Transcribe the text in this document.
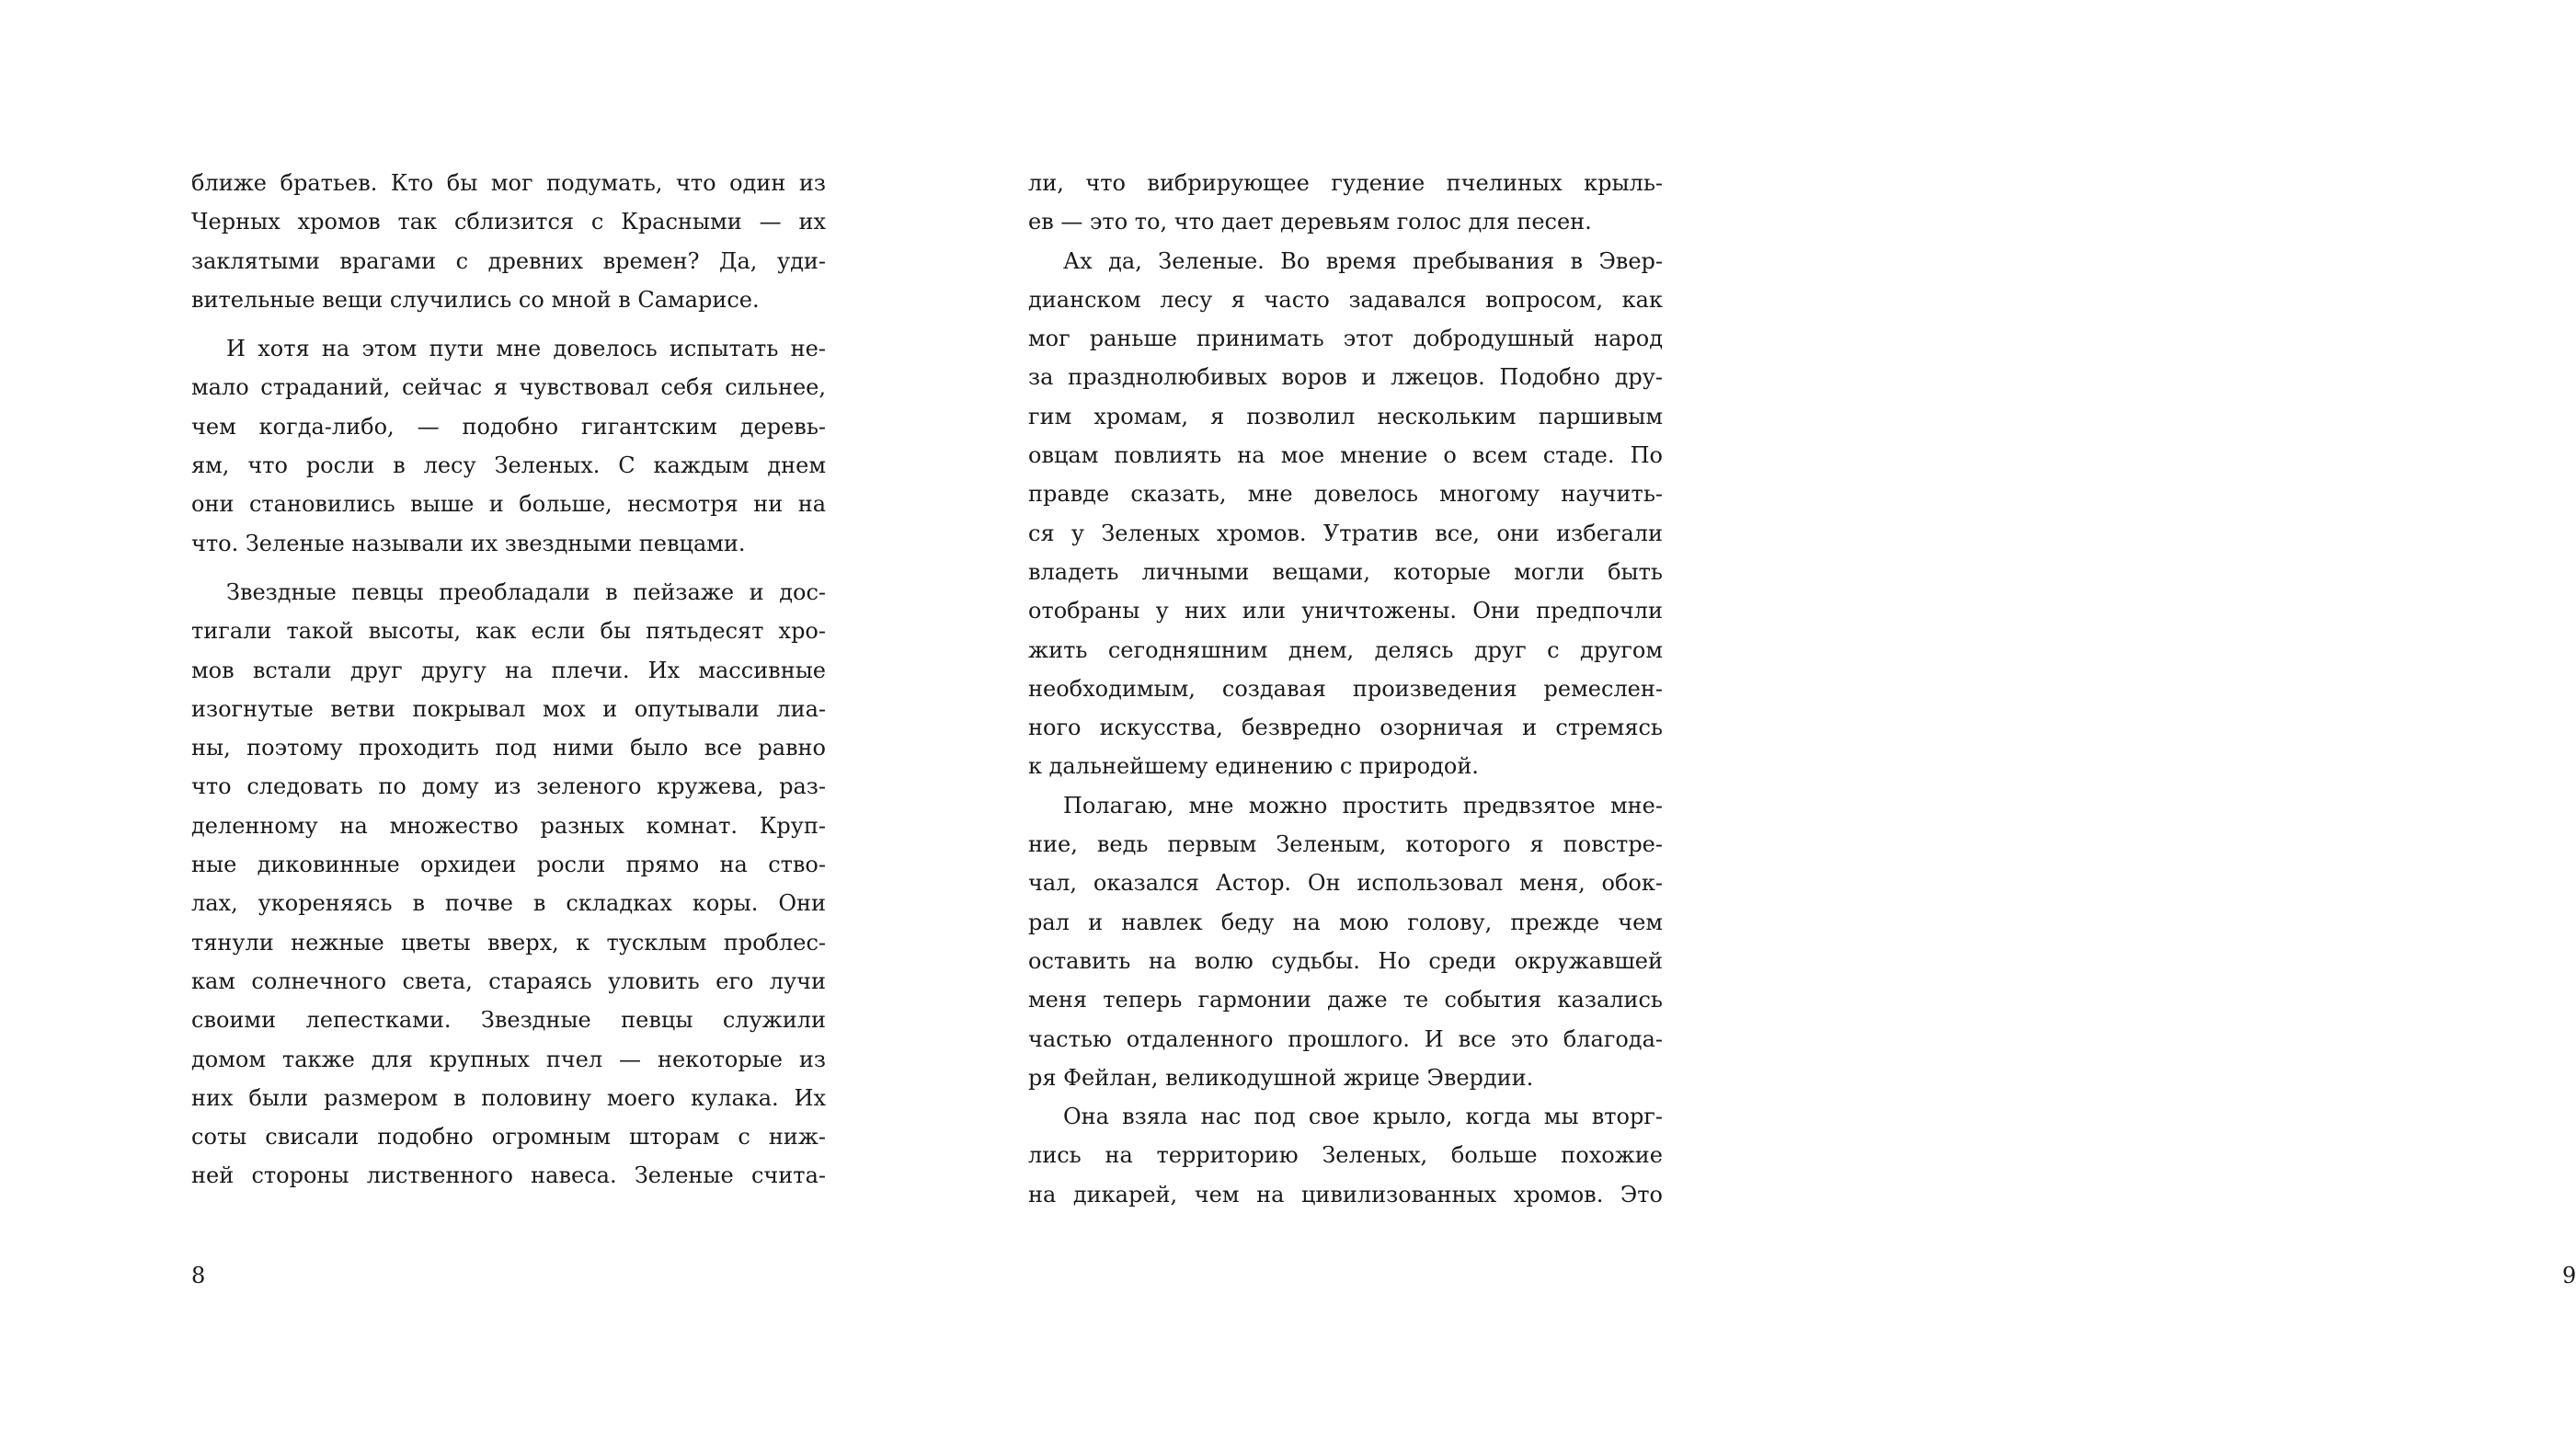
ближе братьев. Кто бы мог подумать, что один из
Черных хромов так сблизится с Красными — их
заклятыми врагами с древних времен? Да, уди-
вительные вещи случились со мной в Самарисе.
И хотя на этом пути мне довелось испытать не-
мало страданий, сейчас я чувствовал себя сильнее,
чем когда-либо, — подобно гигантским деревь-
ям, что росли в лесу Зеленых. С каждым днем
они становились выше и больше, несмотря ни на
что. Зеленые называли их звездными певцами.
Звездные певцы преобладали в пейзаже и дос-
тигали такой высоты, как если бы пятьдесят хро-
мов встали друг другу на плечи. Их массивные
изогнутые ветви покрывал мох и опутывали лиа-
ны, поэтому проходить под ними было все равно
что следовать по дому из зеленого кружева, раз-
деленному на множество разных комнат. Круп-
ные диковинные орхидеи росли прямо на ство-
лах, укореняясь в почве в складках коры. Они
тянули нежные цветы вверх, к тусклым проблес-
кам солнечного света, стараясь уловить его лучи
своими лепестками. Звездные певцы служили
домом также для крупных пчел — некоторые из
них были размером в половину моего кулака. Их
соты свисали подобно огромным шторам с ниж-
ней стороны лиственного навеса. Зеленые счита-
8
ли, что вибрирующее гудение пчелиных крыль-
ев — это то, что дает деревьям голос для песен.
Ах да, Зеленые. Во время пребывания в Эвер-
дианском лесу я часто задавался вопросом, как
мог раньше принимать этот добродушный народ
за празднолюбивых воров и лжецов. Подобно дру-
гим хромам, я позволил нескольким паршивым
овцам повлиять на мое мнение о всем стаде. По
правде сказать, мне довелось многому научить-
ся у Зеленых хромов. Утратив все, они избегали
владеть личными вещами, которые могли быть
отобраны у них или уничтожены. Они предпочли
жить сегодняшним днем, делясь друг с другом
необходимым, создавая произведения ремеслен-
ного искусства, безвредно озорничая и стремясь
к дальнейшему единению с природой.
Полагаю, мне можно простить предвзятое мне-
ние, ведь первым Зеленым, которого я повстре-
чал, оказался Астор. Он использовал меня, обок-
рал и навлек беду на мою голову, прежде чем
оставить на волю судьбы. Но среди окружавшей
меня теперь гармонии даже те события казались
частью отдаленного прошлого. И все это благода-
ря Фейлан, великодушной жрице Эвердии.
Она взяла нас под свое крыло, когда мы вторг-
лись на территорию Зеленых, больше похожие
на дикарей, чем на цивилизованных хромов. Это
9
